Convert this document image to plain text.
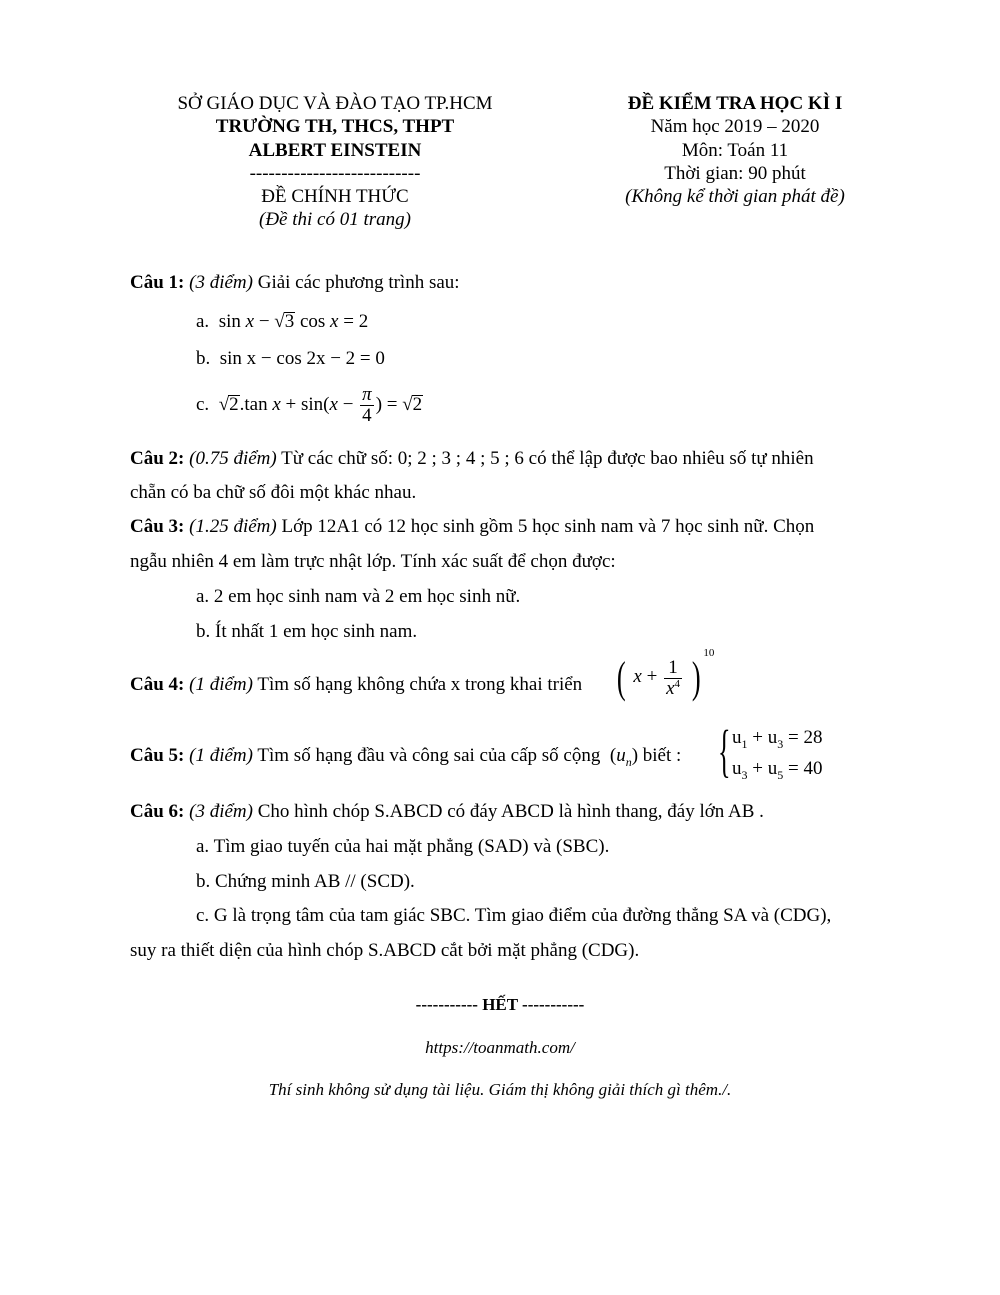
SỞ GIÁO DỤC VÀ ĐÀO TẠO TP.HCM
TRƯỜNG TH, THCS, THPT
ALBERT EINSTEIN
---------------------------
ĐỀ CHÍNH THỨC
(Đề thi có 01 trang)
ĐỀ KIỂM TRA HỌC KÌ I
Năm học 2019 – 2020
Môn: Toán 11
Thời gian: 90 phút
(Không kể thời gian phát đề)
Câu 1: (3 điểm) Giải các phương trình sau:
a.  sin x − √3 cos x = 2
b. sin x − cos 2x − 2 = 0
c.  √2.tan $x + \sin(x - \frac{\pi}{4}$ ) = √2
Câu 2: (0.75 điểm) Từ các chữ số: 0; 2 ; 3 ; 4 ; 5 ; 6 có thể lập được bao nhiêu số tự nhiên
chẵn có ba chữ số đôi một khác nhau.
Câu 3: (1.25 điểm) Lớp 12A1 có 12 học sinh gồm 5 học sinh nam và 7 học sinh nữ. Chọn
ngẫu nhiên 4 em làm trực nhật lớp. Tính xác suất để chọn được:
a. 2 em học sinh nam và 2 em học sinh nữ.
b. Ít nhất 1 em học sinh nam.
Câu 4: (1 điểm) Tìm số hạng không chứa x trong khai triển ( $x + \frac{1}{x^4}$ ) $^{10}$
Câu 5: (1 điểm) Tìm số hạng đầu và công sai của cấp số cộng $(u_n)$ biết : { $u_1 + u_3 = 28$
$u_3 + u_5 = 40$
Câu 6: (3 điểm) Cho hình chóp S.ABCD có đáy ABCD là hình thang, đáy lớn AB .
a. Tìm giao tuyến của hai mặt phẳng (SAD) và (SBC).
b. Chứng minh AB // (SCD).
c. G là trọng tâm của tam giác SBC. Tìm giao điểm của đường thẳng SA và (CDG),
suy ra thiết diện của hình chóp S.ABCD cắt bởi mặt phẳng (CDG).
----------- HẾT -----------
https://toanmath.com/
Thí sinh không sử dụng tài liệu. Giám thị không giải thích gì thêm./.
